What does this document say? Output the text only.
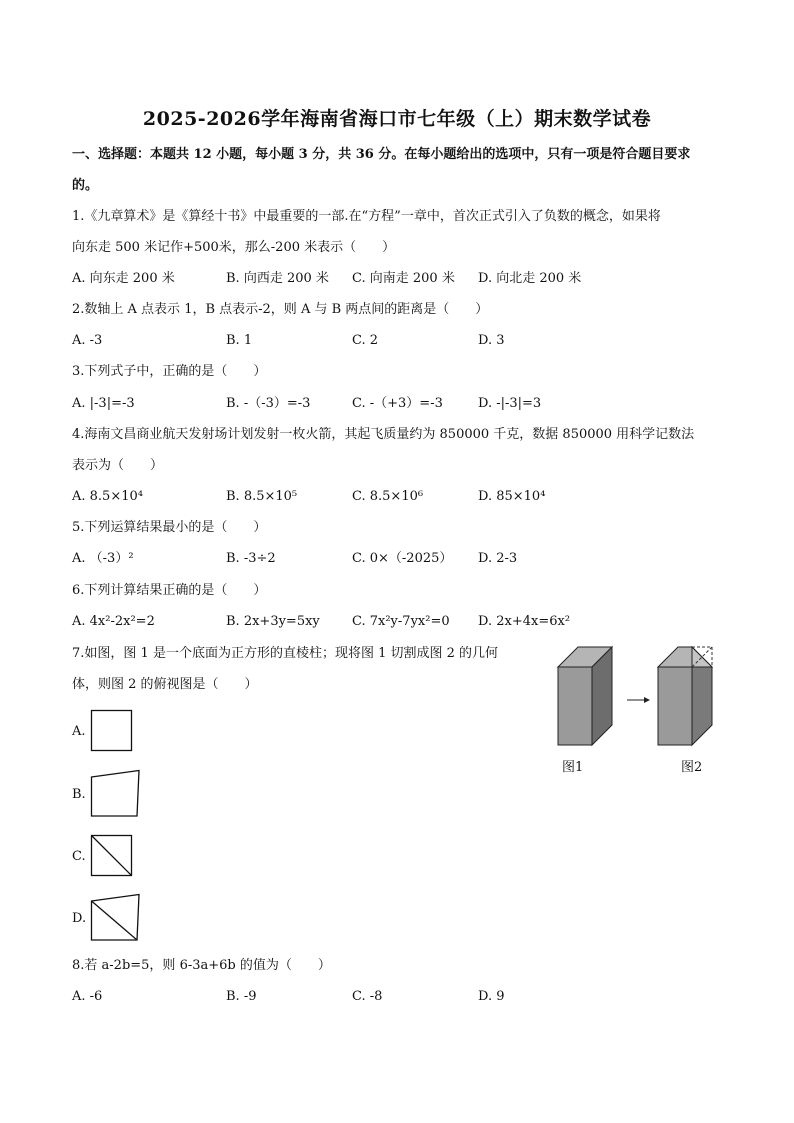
2025-2026学年海南省海口市七年级（上）期末数学试卷
一、选择题：本题共 12 小题，每小题 3 分，共 36 分。在每小题给出的选项中，只有一项是符合题目要求
的。
1.《九章算术》是《算经十书》中最重要的一部.在“方程”一章中，首次正式引入了负数的概念，如果将
向东走 500 米记作+500米，那么-200 米表示（　　）
A. 向东走 200 米	B. 向西走 200 米 C. 向南走 200 米 D. 向北走 200 米
2.数轴上 A 点表示 1，B 点表示-2，则 A 与 B 两点间的距离是（　　）
A. -3	B. 1	C. 2	D. 3
3.下列式子中，正确的是（　　）
A. |-3|=-3	B. -（-3）=-3	C. -（+3）=-3	D. -|-3|=3
4.海南文昌商业航天发射场计划发射一枚火箭，其起飞质量约为 850000 千克，数据 850000 用科学记数法
表示为（　　）
A. 8.5×10⁴	B. 8.5×10⁵	C. 8.5×10⁶	D. 85×10⁴
5.下列运算结果最小的是（　　）
A. （-3）²	B. -3÷2	C. 0×（-2025） D. 2-3
6.下列计算结果正确的是（　　）
A. 4x²-2x²=2	B. 2x+3y=5xy C. 7x²y-7yx²=0 D. 2x+4x=6x²
7.如图，图 1 是一个底面为正方形的直棱柱；现将图 1 切割成图 2 的几何
体，则图 2 的俯视图是（　　）
A.
B.
C.
D.
图1	图2
8.若 a-2b=5，则 6-3a+6b 的值为（　　）
A. -6	B. -9	C. -8	D. 9
